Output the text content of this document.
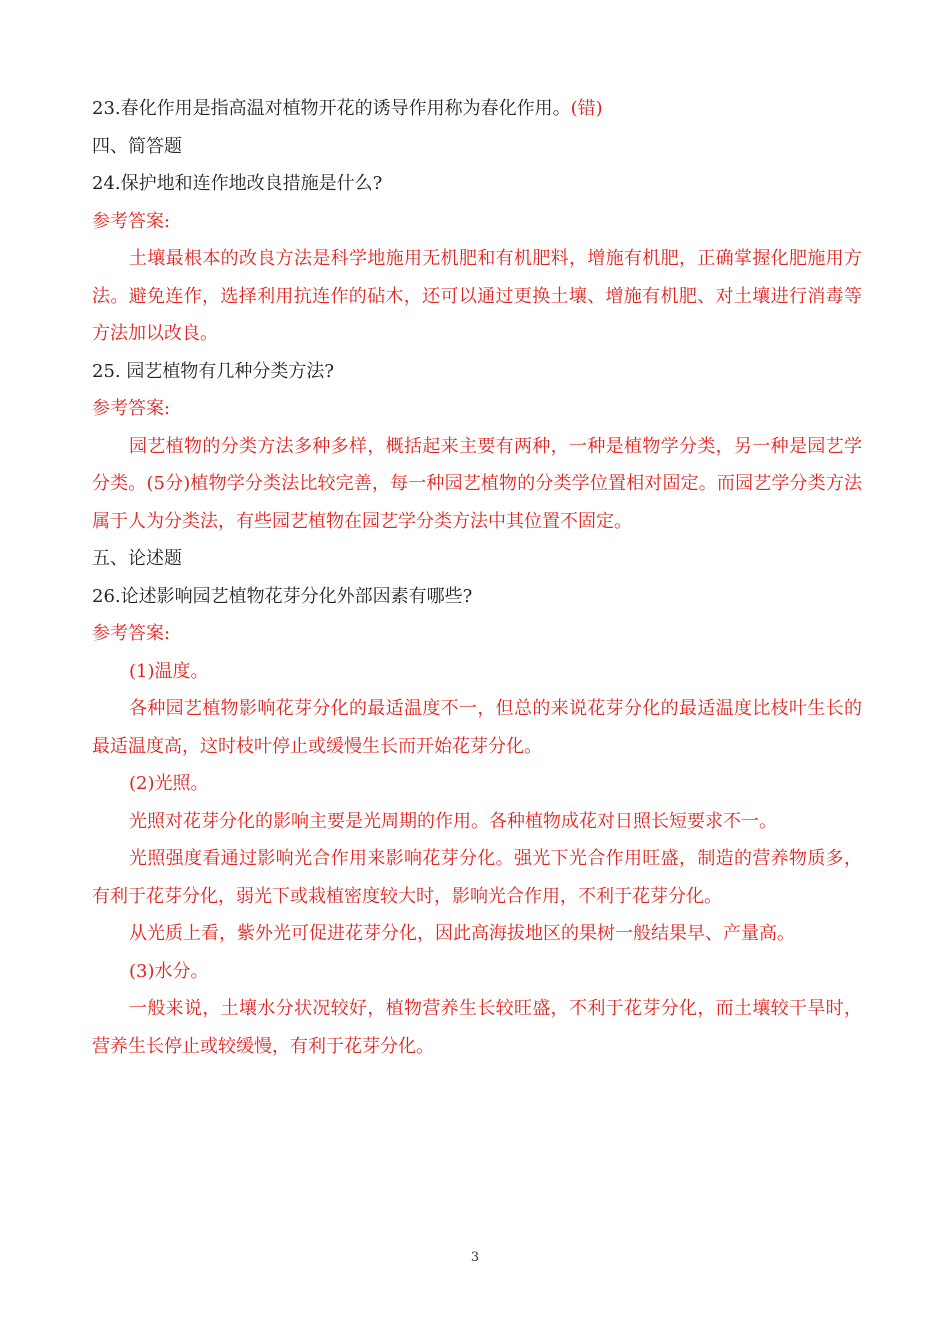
23.春化作用是指高温对植物开花的诱导作用称为春化作用。(错)
四、简答题
24.保护地和连作地改良措施是什么?
参考答案:
土壤最根本的改良方法是科学地施用无机肥和有机肥料，增施有机肥，正确掌握化肥施用方法。避免连作，选择利用抗连作的砧木，还可以通过更换土壤、增施有机肥、对土壤进行消毒等方法加以改良。
25. 园艺植物有几种分类方法?
参考答案:
园艺植物的分类方法多种多样，概括起来主要有两种，一种是植物学分类，另一种是园艺学分类。(5分)植物学分类法比较完善，每一种园艺植物的分类学位置相对固定。而园艺学分类方法属于人为分类法，有些园艺植物在园艺学分类方法中其位置不固定。
五、论述题
26.论述影响园艺植物花芽分化外部因素有哪些?
参考答案:
(1)温度。
各种园艺植物影响花芽分化的最适温度不一，但总的来说花芽分化的最适温度比枝叶生长的最适温度高，这时枝叶停止或缓慢生长而开始花芽分化。
(2)光照。
光照对花芽分化的影响主要是光周期的作用。各种植物成花对日照长短要求不一。
光照强度看通过影响光合作用来影响花芽分化。强光下光合作用旺盛，制造的营养物质多，有利于花芽分化，弱光下或栽植密度较大时，影响光合作用，不利于花芽分化。
从光质上看，紫外光可促进花芽分化，因此高海拔地区的果树一般结果早、产量高。
(3)水分。
一般来说，土壤水分状况较好，植物营养生长较旺盛，不利于花芽分化，而土壤较干旱时，营养生长停止或较缓慢，有利于花芽分化。
3
